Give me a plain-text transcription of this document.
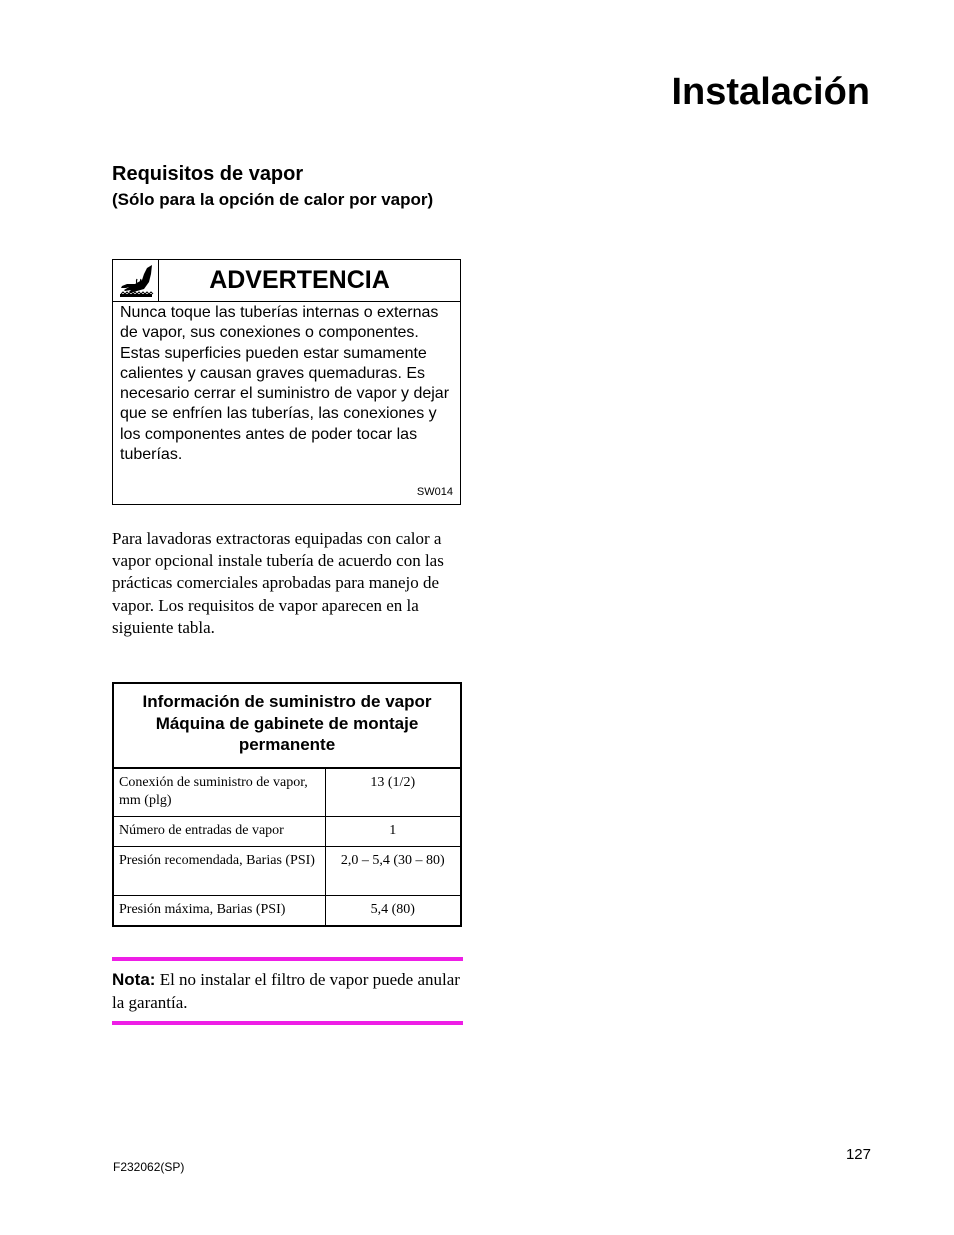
Instalación
Requisitos de vapor
(Sólo para la opción de calor por vapor)
ADVERTENCIA

Nunca toque las tuberías internas o externas de vapor, sus conexiones o componentes. Estas superficies pueden estar sumamente calientes y causan graves quemaduras. Es necesario cerrar el suministro de vapor y dejar que se enfríen las tuberías, las conexiones y los componentes antes de poder tocar las tuberías.

SW014

Para lavadoras extractoras equipadas con calor a vapor opcional instale tubería de acuerdo con las prácticas comerciales aprobadas para manejo de vapor. Los requisitos de vapor aparecen en la siguiente tabla.

Información de suministro de vapor
Máquina de gabinete de montaje permanente	
Conexión de suministro de vapor, mm (plg)	13 (1/2)
Número de entradas de vapor	1
Presión recomendada, Barias (PSI)	2,0 – 5,4 (30 – 80)
Presión máxima, Barias (PSI)	5,4 (80)

Nota: El no instalar el filtro de vapor puede anular la garantía.

127
F232062(SP)
